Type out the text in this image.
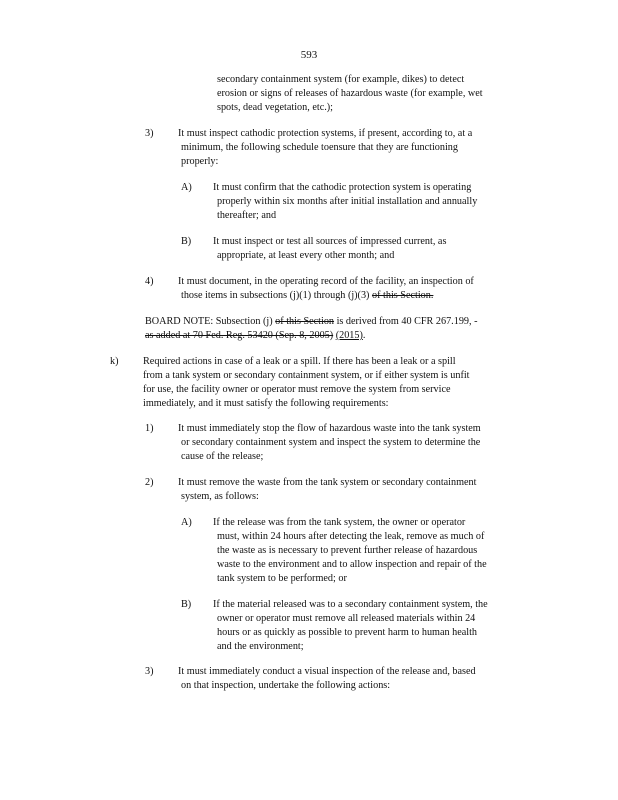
593
secondary containment system (for example, dikes) to detect
erosion or signs of releases of hazardous waste (for example, wet
spots, dead vegetation, etc.);
3) It must inspect cathodic protection systems, if present, according to, at a
minimum, the following schedule toensure that they are functioning
properly:
A) It must confirm that the cathodic protection system is operating
properly within six months after initial installation and annually
thereafter; and
B) It must inspect or test all sources of impressed current, as
appropriate, at least every other month; and
4) It must document, in the operating record of the facility, an inspection of
those items in subsections (j)(1) through (j)(3) of this Section.
BOARD NOTE: Subsection (j) of this Section is derived from 40 CFR 267.199, -
as added at 70 Fed. Reg. 53420 (Sep. 8, 2005) (2015).
k) Required actions in case of a leak or a spill. If there has been a leak or a spill
from a tank system or secondary containment system, or if either system is unfit
for use, the facility owner or operator must remove the system from service
immediately, and it must satisfy the following requirements:
1) It must immediately stop the flow of hazardous waste into the tank system
or secondary containment system and inspect the system to determine the
cause of the release;
2) It must remove the waste from the tank system or secondary containment
system, as follows:
A) If the release was from the tank system, the owner or operator
must, within 24 hours after detecting the leak, remove as much of
the waste as is necessary to prevent further release of hazardous
waste to the environment and to allow inspection and repair of the
tank system to be performed; or
B) If the material released was to a secondary containment system, the
owner or operator must remove all released materials within 24
hours or as quickly as possible to prevent harm to human health
and the environment;
3) It must immediately conduct a visual inspection of the release and, based
on that inspection, undertake the following actions:
